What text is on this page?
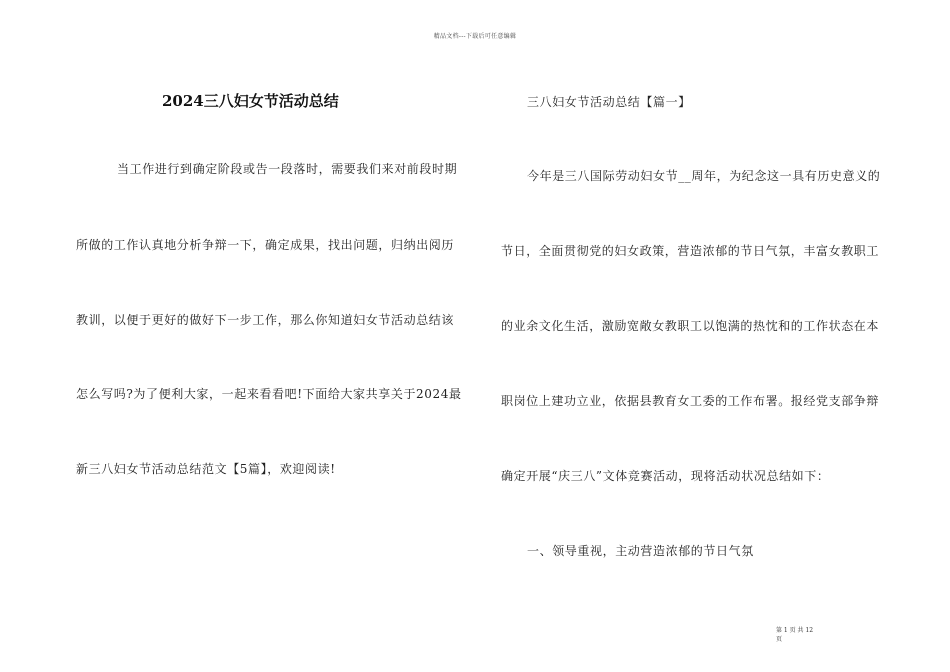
精品文档---下载后可任意编辑
2024三八妇女节活动总结
当工作进行到确定阶段或告一段落时，需要我们来对前段时期
所做的工作认真地分析争辩一下，确定成果，找出问题，归纳出阅历
教训，以便于更好的做好下一步工作，那么你知道妇女节活动总结该
怎么写吗?为了便利大家，一起来看看吧!下面给大家共享关于2024最
新三八妇女节活动总结范文【5篇】，欢迎阅读!
三八妇女节活动总结【篇一】
今年是三八国际劳动妇女节__周年，为纪念这一具有历史意义的
节日，全面贯彻党的妇女政策，营造浓郁的节日气氛，丰富女教职工
的业余文化生活，激励宽敞女教职工以饱满的热忱和的工作状态在本
职岗位上建功立业，依据县教育女工委的工作布署。报经党支部争辩
确定开展“庆三八”文体竞赛活动，现将活动状况总结如下：
一、领导重视，主动营造浓郁的节日气氛
第 1 页 共 12
页
